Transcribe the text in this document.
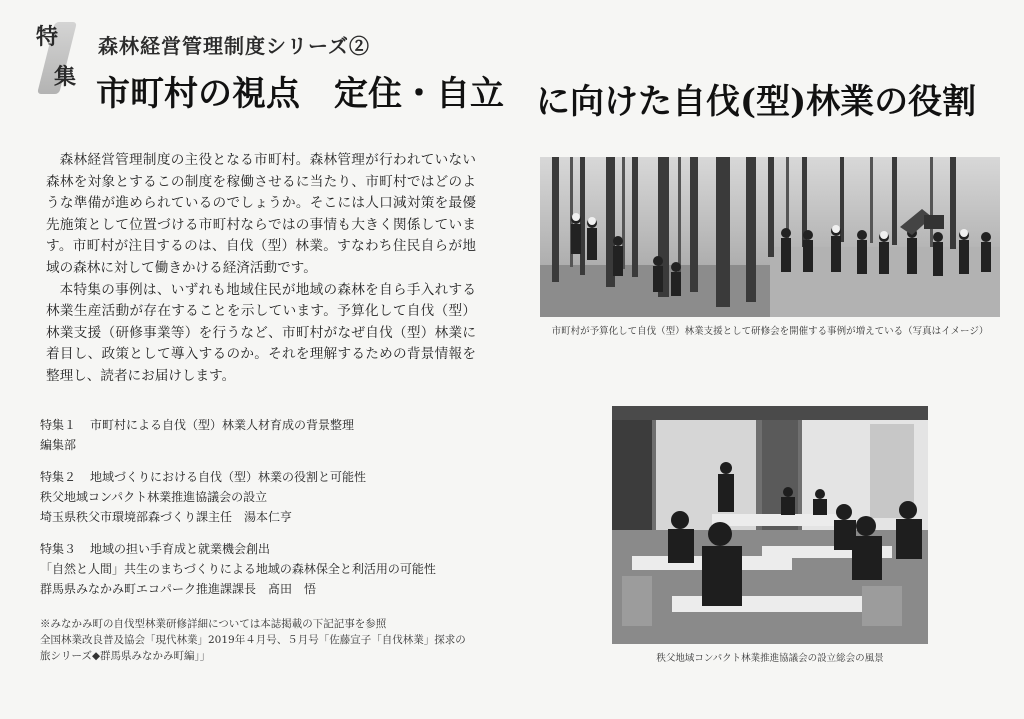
特
集
森林経営管理制度シリーズ②
市町村の視点　定住・自立 に向けた自伐(型)林業の役割

森林経営管理制度の主役となる市町村。森林管理が行われていない森林を対象とするこの制度を稼働させるに当たり、市町村ではどのような準備が進められているのでしょうか。そこには人口減対策を最優先施策として位置づける市町村ならではの事情も大きく関係しています。市町村が注目するのは、自伐（型）林業。すなわち住民自らが地域の森林に対して働きかける経済活動です。

本特集の事例は、いずれも地域住民が地域の森林を自ら手入れする林業生産活動が存在することを示しています。予算化して自伐（型）林業支援（研修事業等）を行うなど、市町村がなぜ自伐（型）林業に着目し、政策として導入するのか。それを理解するための背景情報を整理し、読者にお届けします。

特集１ 市町村による自伐（型）林業人材育成の背景整理
編集部
特集２ 地域づくりにおける自伐（型）林業の役割と可能性
秩父地域コンパクト林業推進協議会の設立
埼玉県秩父市環境部森づくり課主任　湯本仁亨
特集３ 地域の担い手育成と就業機会創出
「自然と人間」共生のまちづくりによる地域の森林保全と利活用の可能性
群馬県みなかみ町エコパーク推進課課長　髙田　悟
※みなかみ町の自伐型林業研修詳細については本誌掲載の下記記事を参照
全国林業改良普及協会「現代林業」2019年４月号、５月号「佐藤宣子「自伐林業」探求の
旅シリーズ◆群馬県みなかみ町編」」
市町村が予算化して自伐（型）林業支援として研修会を開催する事例が増えている（写真はイメージ）
秩父地域コンパクト林業推進協議会の設立総会の風景
